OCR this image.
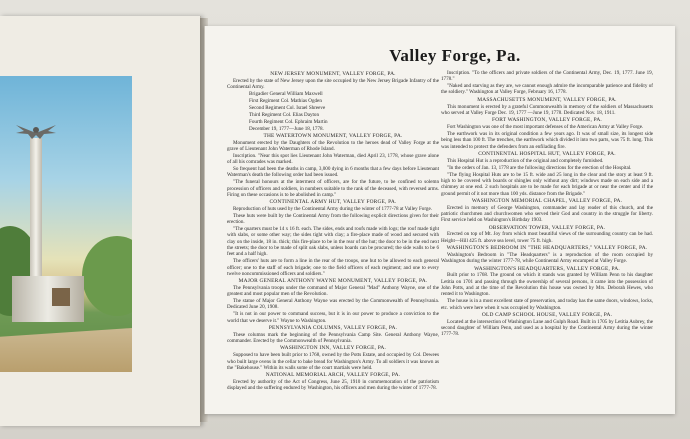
Valley Forge, Pa.
NEW JERSEY MONUMENT, VALLEY FORGE, PA.

Erected by the state of New Jersey upon the site occupied by the New Jersey Brigade Infantry of the Continental Army.

Brigadier General William Maxwell
First Regiment Col. Mathias Ogden
Second Regiment Col. Israel Shreeve
Third Regiment Col. Elias Dayton
Fourth Regiment Col. Ephraim Martin
December 19, 1777—June 18, 1778.
THE WATERTOWN MONUMENT, VALLEY FORGE, PA.

Monument erected by the Daughters of the Revolution to the heroes dead of Valley Forge at the grave of Lieutenant John Waterman of Rhode Island.

Inscription. "Near this spot lies Lieutenant John Waterman, died April 23, 1778, whose grave alone of all his comrades was marked.

So frequent had been the deaths in camp, 3,000 dying in 6 months that a few days before Lieutenant Waterman's death the following order had been issued.

"The funeral honours at the interment of officers, are for the future, to be confined to solemn procession of officers and soldiers, in numbers suitable to the rank of the deceased, with reversed arms. Firing on these occasions is to be abolished in camp."

CONTINENTAL ARMY HUT, VALLEY FORGE, PA.

Reproduction of huts used by the Continental Army during the winter of 1777-78 at Valley Forge.

These huts were built by the Continental Army from the following explicit directions given for their erection.

"The quarters must be 14 x 16 ft. each. The sides, ends and roofs made with logs; the roof made tight with slabs, or some other way; the sides tight with clay; a fire-place made of wood and secured with clay on the inside, 18 in. thick; this fire-place to be in the rear of the hut; the door to be in the end next the streets; the door to be made of split oak slabs, unless boards can be procured; the side walls to be 6 feet and a half high.

The officers' huts are to form a line in the rear of the troops, one hut to be allowed to each general officer; one to the staff of each brigade; one to the field officers of each regiment; and one to every twelve noncommissioned officers and soldiers."

MAJOR GENERAL ANTHONY WAYNE MONUMENT, VALLEY FORGE, PA.

The Pennsylvania troops under the command of Major General "Mad" Anthony Wayne, one of the greatest and most popular men of the Revolution.

The statue of Major General Anthony Wayne was erected by the Commonwealth of Pennsylvania. Dedicated June 20, 1908.

"It is not in our power to command success, but it is in our power to produce a conviction to the world that we deserve it." Wayne to Washington.

PENNSYLVANIA COLUMNS, VALLEY FORGE, PA.

These columns mark the beginning of the Pennsylvania Camp Site. General Anthony Wayne, commander. Erected by the Commonwealth of Pennsylvania.

WASHINGTON INN, VALLEY FORGE, PA.

Supposed to have been built prior to 1768, owned by the Potts Estate, and occupied by Col. Dewees who built large ovens in the cellar to bake bread for Washington's Army. To all soldiers it was known as the "Bakehouse." Within its walls some of the court martials were held.

NATIONAL MEMORIAL ARCH, VALLEY FORGE, PA.

Erected by authority of the Act of Congress, June 25, 1910 in commemoration of the patriotism displayed and the suffering endured by Washington, his officers and men during the winter of 1777-78.

Inscription. "To the officers and private soldiers of the Continental Army, Dec. 19, 1777. June 19, 1778."

"Naked and starving as they are, we cannot enough admire the incomparable patience and fidelity of the soldiery." Washington at Valley Forge, February 16, 1778.

MASSACHUSETTS MONUMENT, VALLEY FORGE, PA.

This monument is erected by a grateful Commonwealth in memory of the soldiers of Massachusetts who served at Valley Forge Dec. 19, 1777 —June 19, 1778. Dedicated Nov. 18, 1911.

FORT WASHINGTON, VALLEY FORGE, PA.

Fort Washington was one of the most important defenses of the American Army at Valley Forge.

The earthwork was in its original condition a few years ago. It was of small size, its longest side being less than 100 ft. The trenches, the earthwork which divided it into two parts, was 75 ft. long. This was intended to protect the defenders from an enfilading fire.

CONTINENTAL HOSPITAL HUT, VALLEY FORGE, PA.

This Hospital Hut is a reproduction of the original and completely furnished.

"In the orders of Jan. 13, 1778 are the following directions for the erection of the Hospital.

"The flying Hospital Huts are to be 15 ft. wide and 25 long in the clear and the story at least 9 ft. high to be covered with boards or shingles only without any dirt; windows made on each side and a chimney at one end. 2 such hospitals are to be made for each brigade at or near the center and if the ground permit of it not more than 100 yds. distance from the Brigade."

WASHINGTON MEMORIAL CHAPEL, VALLEY FORGE, PA.

Erected in memory of George Washington, commander and lay reader of this church, and the patriotic churchmen and churchwomen who served their God and country in the struggle for liberty. First service held on Washington's Birthday 1903.

OBSERVATION TOWER, VALLEY FORGE, PA.

Erected on top of Mt. Joy from which most beautiful views of the surrounding country can be had. Height—Hill 425 ft. above sea level, tower 75 ft. high.

WASHINGTON'S BEDROOM IN "THE HEADQUARTERS," VALLEY FORGE, PA.

Washington's Bedroom in "The Headquarters" is a reproduction of the room occupied by Washington during the winter 1777-78, while Continental Army encamped at Valley Forge.

WASHINGTON'S HEADQUARTERS, VALLEY FORGE, PA.

Built prior to 1768. The ground on which it stands was granted by William Penn to his daughter Letitia on 1701 and passing through the ownership of several persons, it came into the possession of John Potts, and at the time of the Revolution this house was owned by Mrs. Deborah Hewes, who rented it to Washington.

The house is in a most excellent state of preservation, and today has the same doors, windows, locks, etc. which were here when it was occupied by Washington.

OLD CAMP SCHOOL HOUSE, VALLEY FORGE, PA.

Located at the intersection of Washington Lane and Gulph Road. Built in 1705 by Letitia Aubrey, the second daughter of William Penn, and used as a hospital by the Continental Army during the winter 1777-78.
